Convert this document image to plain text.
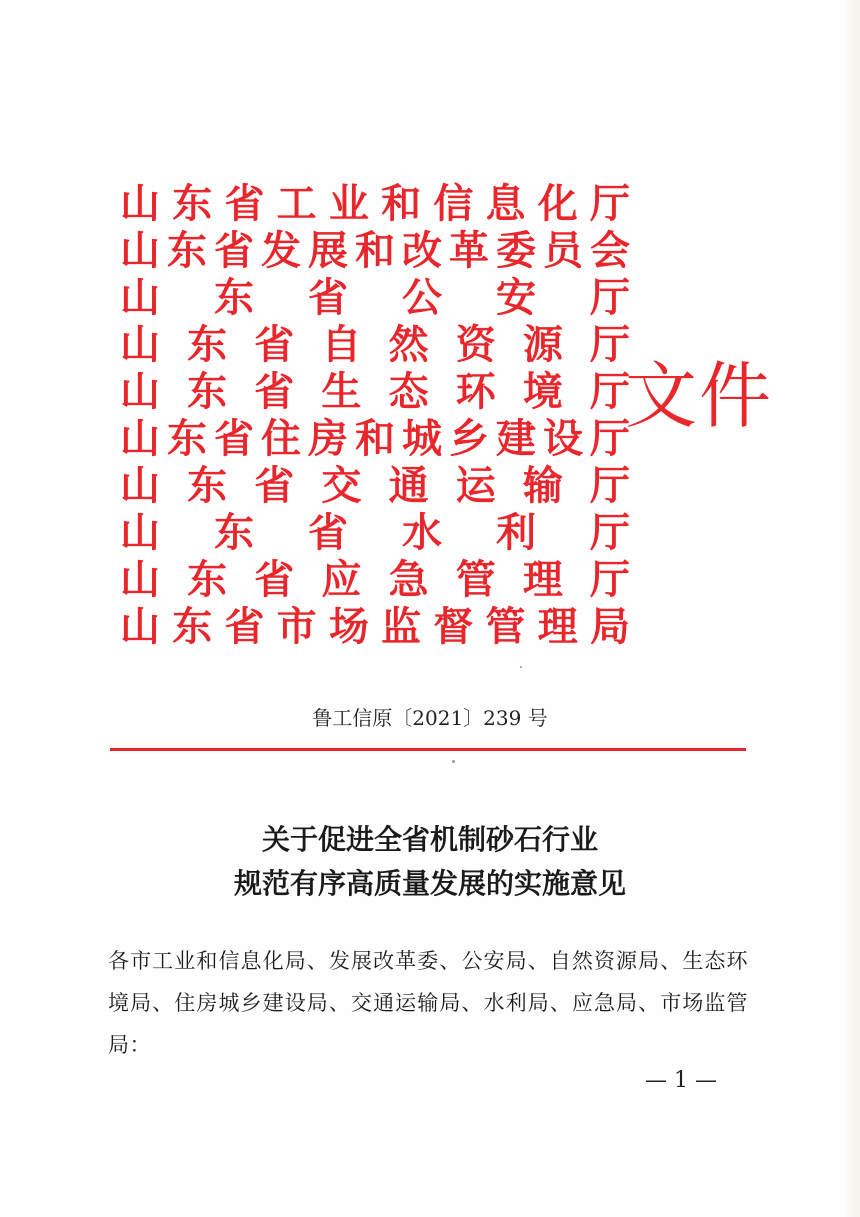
山东省工业和信息化厅
山东省发展和改革委员会
山东省公安厅
山东省自然资源厅
山东省生态环境厅
山东省住房和城乡建设厅
山东省交通运输厅
山东省水利厅
山东省应急管理厅
山东省市场监督管理局
文件
鲁工信原〔2021〕239 号
关于促进全省机制砂石行业
规范有序高质量发展的实施意见
各市工业和信息化局、发展改革委、公安局、自然资源局、生态环境局、住房城乡建设局、交通运输局、水利局、应急局、市场监管局：
— 1 —
